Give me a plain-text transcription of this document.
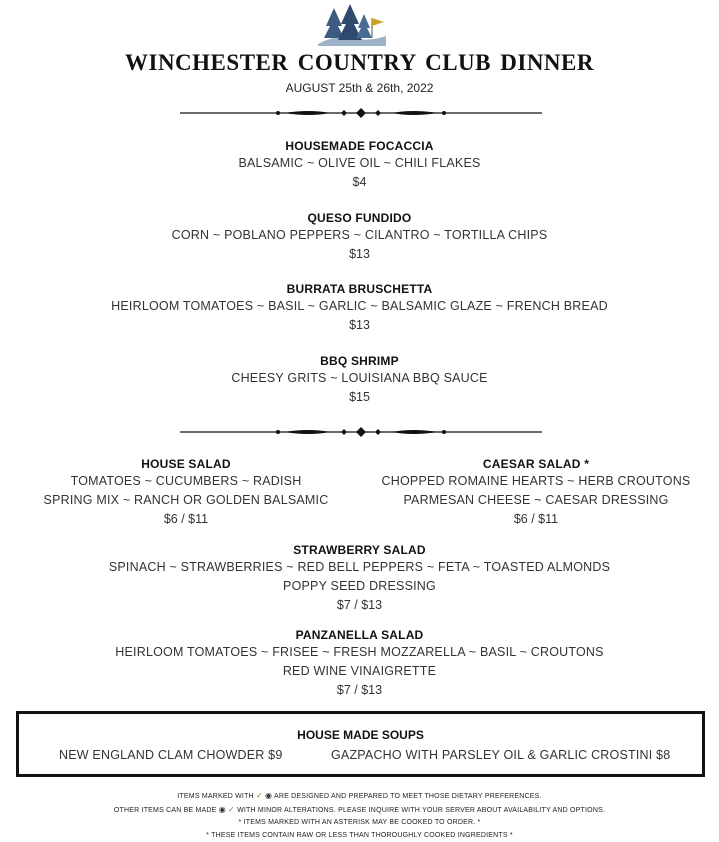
WINCHESTER COUNTRY CLUB DINNER
AUGUST 25th & 26th, 2022
HOUSEMADE FOCACCIA
BALSAMIC ~ OLIVE OIL ~ CHILI FLAKES
$4
QUESO FUNDIDO
CORN ~ POBLANO PEPPERS ~ CILANTRO ~ TORTILLA CHIPS
$13
BURRATA BRUSCHETTA
HEIRLOOM TOMATOES ~ BASIL ~ GARLIC ~ BALSAMIC GLAZE ~ FRENCH BREAD
$13
BBQ SHRIMP
CHEESY GRITS ~ LOUISIANA BBQ SAUCE
$15
HOUSE SALAD
TOMATOES ~ CUCUMBERS ~ RADISH
SPRING MIX ~ RANCH OR GOLDEN BALSAMIC
$6 / $11
CAESAR SALAD *
CHOPPED ROMAINE HEARTS ~ HERB CROUTONS
PARMESAN CHEESE ~ CAESAR DRESSING
$6 / $11
STRAWBERRY SALAD
SPINACH ~ STRAWBERRIES ~ RED BELL PEPPERS ~ FETA ~ TOASTED ALMONDS
POPPY SEED DRESSING
$7 / $13
PANZANELLA SALAD
HEIRLOOM TOMATOES ~ FRISEE ~ FRESH MOZZARELLA ~ BASIL ~ CROUTONS
RED WINE VINAIGRETTE
$7 / $13
HOUSE MADE SOUPS
NEW ENGLAND CLAM CHOWDER $9	GAZPACHO WITH PARSLEY OIL & GARLIC CROSTINI $8
ITEMS MARKED WITH ✓ ◉ ARE DESIGNED AND PREPARED TO MEET THOSE DIETARY PREFERENCES.
OTHER ITEMS CAN BE MADE ◉ ✓ WITH MINOR ALTERATIONS. PLEASE INQUIRE WITH YOUR SERVER ABOUT AVAILABILITY AND OPTIONS.
* ITEMS MARKED WITH AN ASTERISK MAY BE COOKED TO ORDER. *
* THESE ITEMS CONTAIN RAW OR LESS THAN THOROUGHLY COOKED INGREDIENTS *
